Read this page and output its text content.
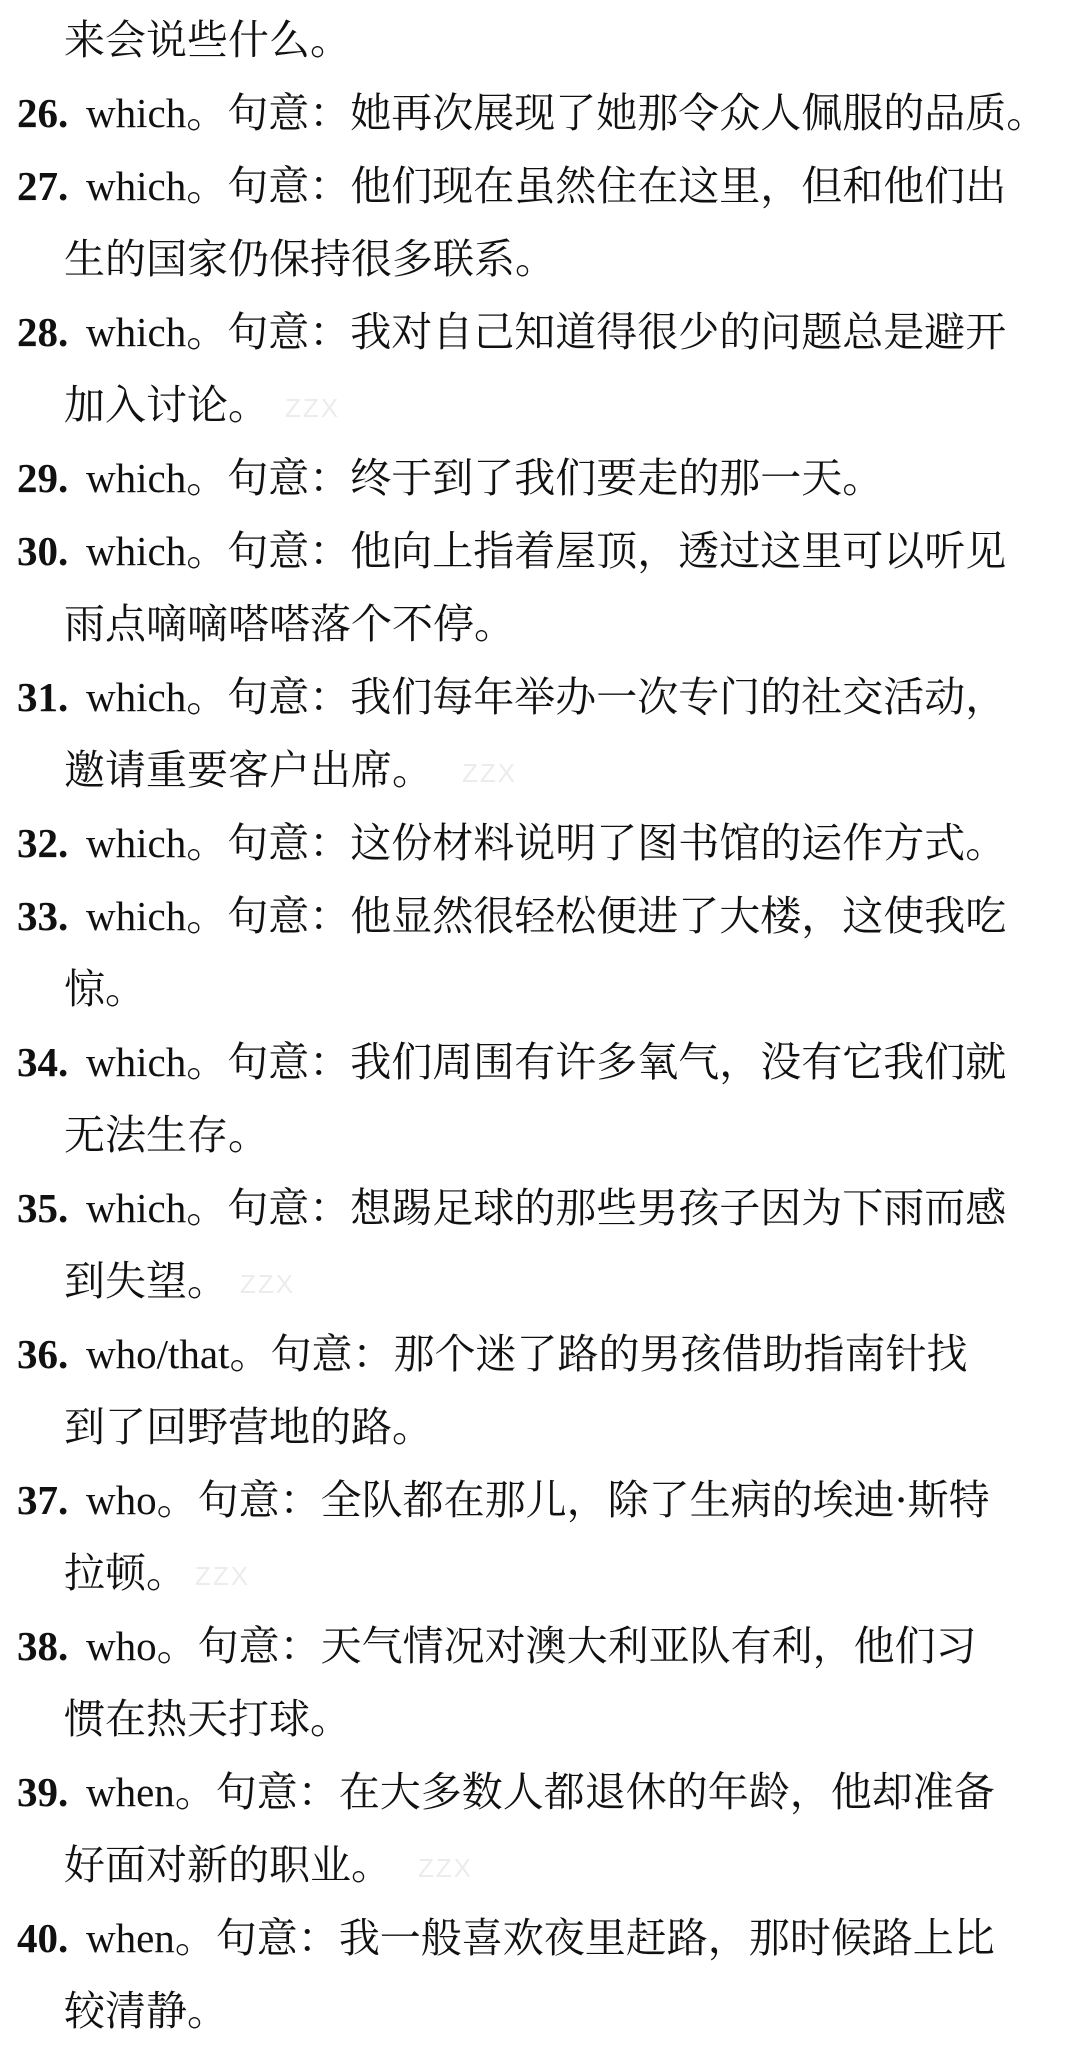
来会说些什么。
26. which。句意：她再次展现了她那令众人佩服的品质。
27. which。句意：他们现在虽然住在这里，但和他们出
生的国家仍保持很多联系。
28. which。句意：我对自己知道得很少的问题总是避开
加入讨论。
29. which。句意：终于到了我们要走的那一天。
30. which。句意：他向上指着屋顶，透过这里可以听见
雨点嘀嘀嗒嗒落个不停。
31. which。句意：我们每年举办一次专门的社交活动，
邀请重要客户出席。
32. which。句意：这份材料说明了图书馆的运作方式。
33. which。句意：他显然很轻松便进了大楼，这使我吃
惊。
34. which。句意：我们周围有许多氧气，没有它我们就
无法生存。
35. which。句意：想踢足球的那些男孩子因为下雨而感
到失望。
36. who/that。句意：那个迷了路的男孩借助指南针找
到了回野营地的路。
37. who。句意：全队都在那儿，除了生病的埃迪·斯特
拉顿。
38. who。句意：天气情况对澳大利亚队有利，他们习
惯在热天打球。
39. when。句意：在大多数人都退休的年龄，他却准备
好面对新的职业。
40. when。句意：我一般喜欢夜里赶路，那时候路上比
较清静。
ZZX
ZZX
ZZX
ZZX
ZZX
